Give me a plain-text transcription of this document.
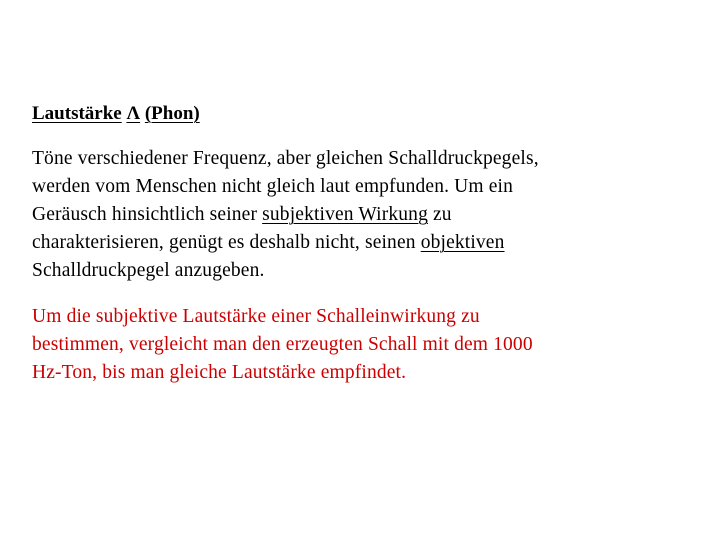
Lautstärke Λ (Phon)

Töne verschiedener Frequenz, aber gleichen Schalldruckpegels,
werden vom Menschen nicht gleich laut empfunden. Um ein
Geräusch hinsichtlich seiner subjektiven Wirkung zu
charakterisieren, genügt es deshalb nicht, seinen objektiven
Schalldruckpegel anzugeben.

Um die subjektive Lautstärke einer Schalleinwirkung zu
bestimmen, vergleicht man den erzeugten Schall mit dem 1000
Hz-Ton, bis man gleiche Lautstärke empfindet.
